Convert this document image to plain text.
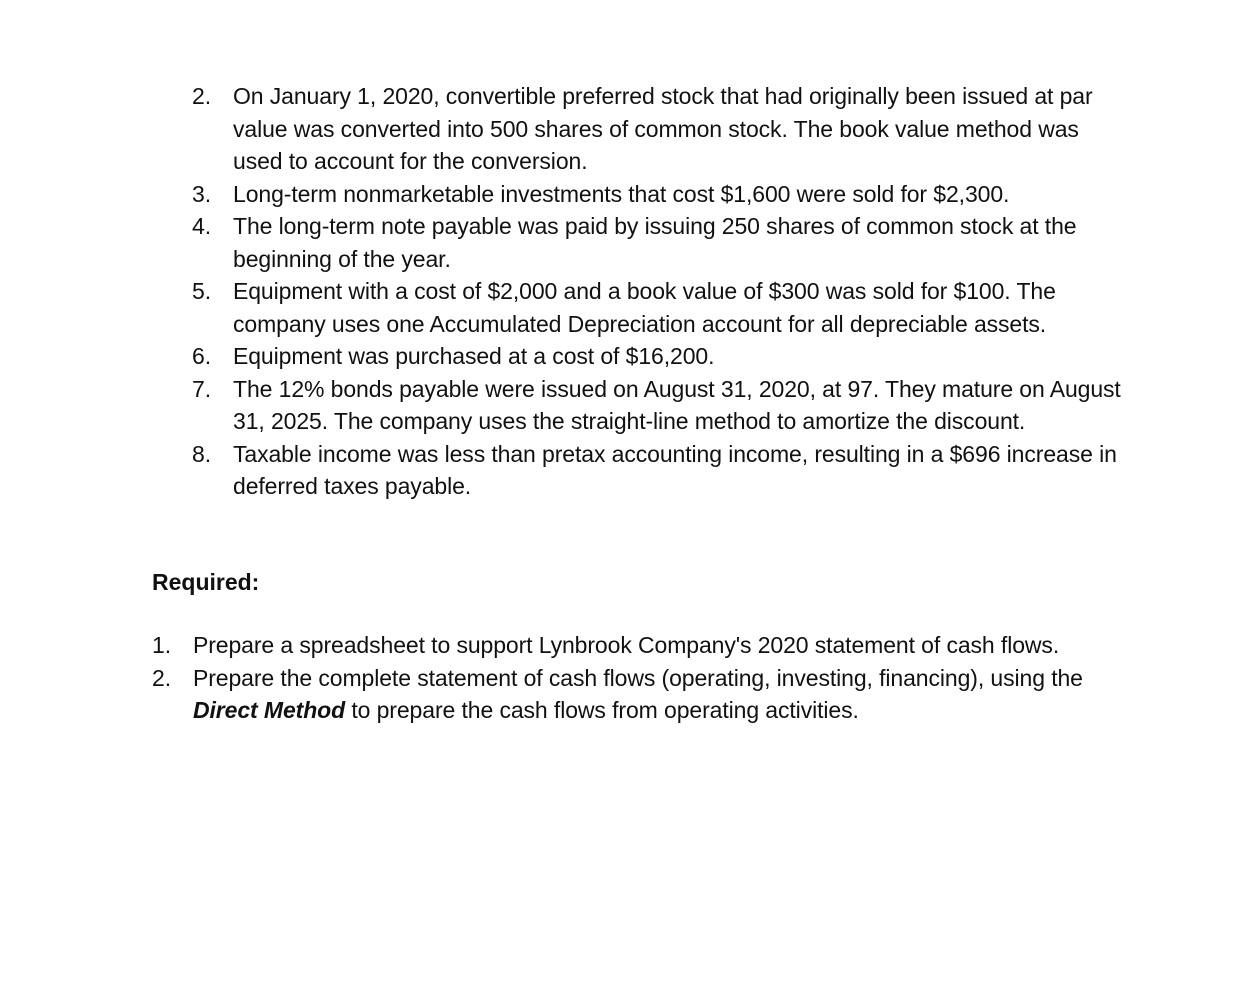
2. On January 1, 2020, convertible preferred stock that had originally been issued at par value was converted into 500 shares of common stock. The book value method was used to account for the conversion.
3. Long-term nonmarketable investments that cost $1,600 were sold for $2,300.
4. The long-term note payable was paid by issuing 250 shares of common stock at the beginning of the year.
5. Equipment with a cost of $2,000 and a book value of $300 was sold for $100. The company uses one Accumulated Depreciation account for all depreciable assets.
6. Equipment was purchased at a cost of $16,200.
7. The 12% bonds payable were issued on August 31, 2020, at 97. They mature on August 31, 2025. The company uses the straight-line method to amortize the discount.
8. Taxable income was less than pretax accounting income, resulting in a $696 increase in deferred taxes payable.
Required:
1. Prepare a spreadsheet to support Lynbrook Company's 2020 statement of cash flows.
2. Prepare the complete statement of cash flows (operating, investing, financing), using the Direct Method to prepare the cash flows from operating activities.
